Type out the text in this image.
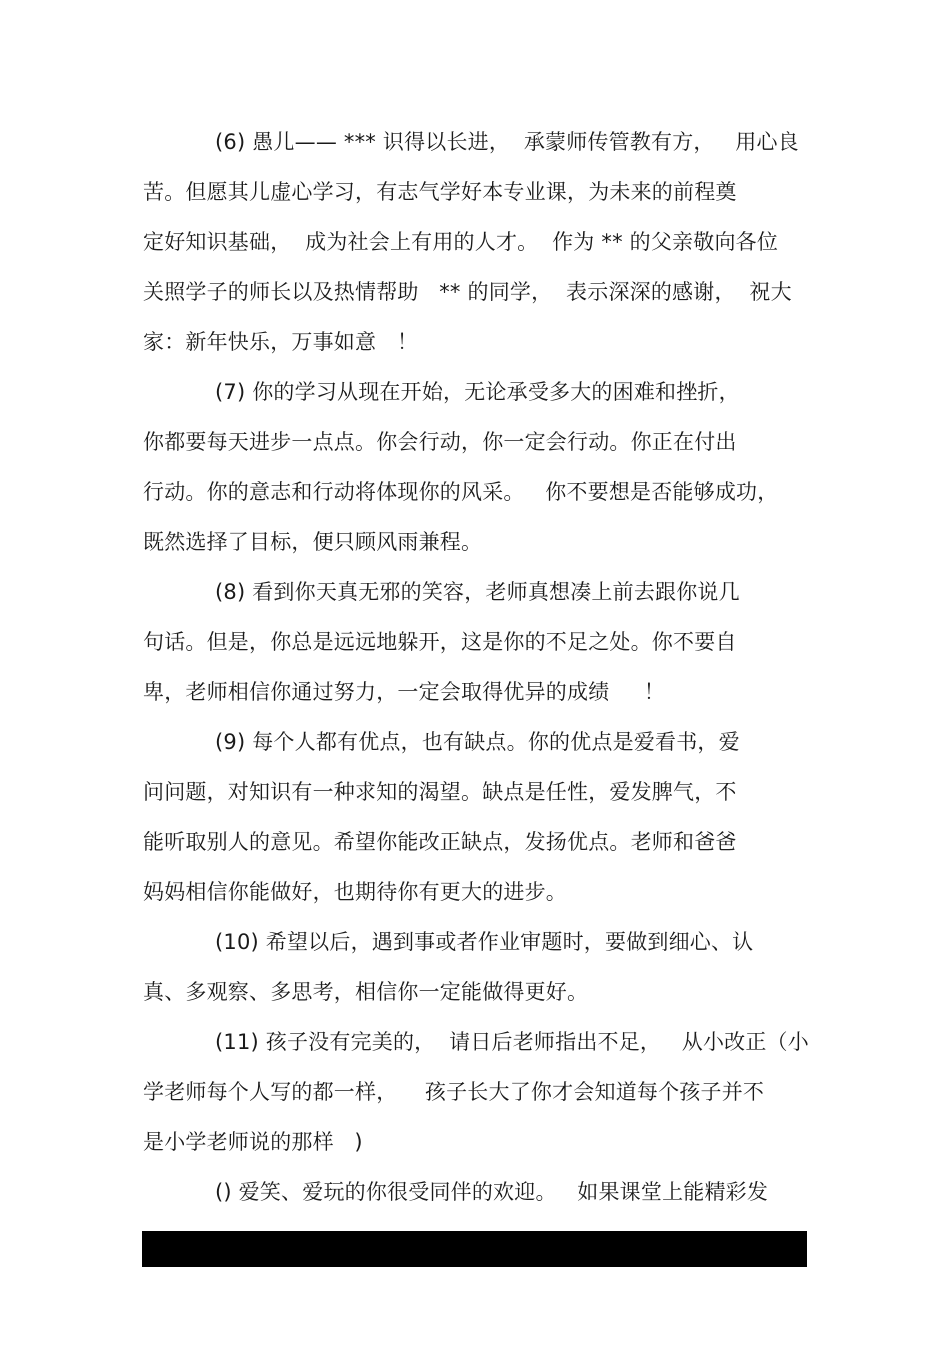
(6) 愚儿—— *** 识得以长进，  承蒙师传管教有方，   用心良
苦。但愿其儿虚心学习，有志气学好本专业课，为未来的前程奠
定好知识基础，  成为社会上有用的人才。  作为 ** 的父亲敬向各位
关照学子的师长以及热情帮助   ** 的同学，  表示深深的感谢，  祝大
家：新年快乐，万事如意   ！
(7) 你的学习从现在开始，无论承受多大的困难和挫折，
你都要每天进步一点点。你会行动，你一定会行动。你正在付出
行动。你的意志和行动将体现你的风采。   你不要想是否能够成功，
既然选择了目标，便只顾风雨兼程。
(8) 看到你天真无邪的笑容，老师真想凑上前去跟你说几
句话。但是，你总是远远地躲开，这是你的不足之处。你不要自
卑，老师相信你通过努力，一定会取得优异的成绩     ！
(9) 每个人都有优点，也有缺点。你的优点是爱看书，爱
问问题，对知识有一种求知的渴望。缺点是任性，爱发脾气，不
能听取别人的意见。希望你能改正缺点，发扬优点。老师和爸爸
妈妈相信你能做好，也期待你有更大的进步。
(10) 希望以后，遇到事或者作业审题时，要做到细心、认
真、多观察、多思考，相信你一定能做得更好。
(11) 孩子没有完美的，  请日后老师指出不足，   从小改正（小
学老师每个人写的都一样，    孩子长大了你才会知道每个孩子并不
是小学老师说的那样   )
() 爱笑、爱玩的你很受同伴的欢迎。   如果课堂上能精彩发
